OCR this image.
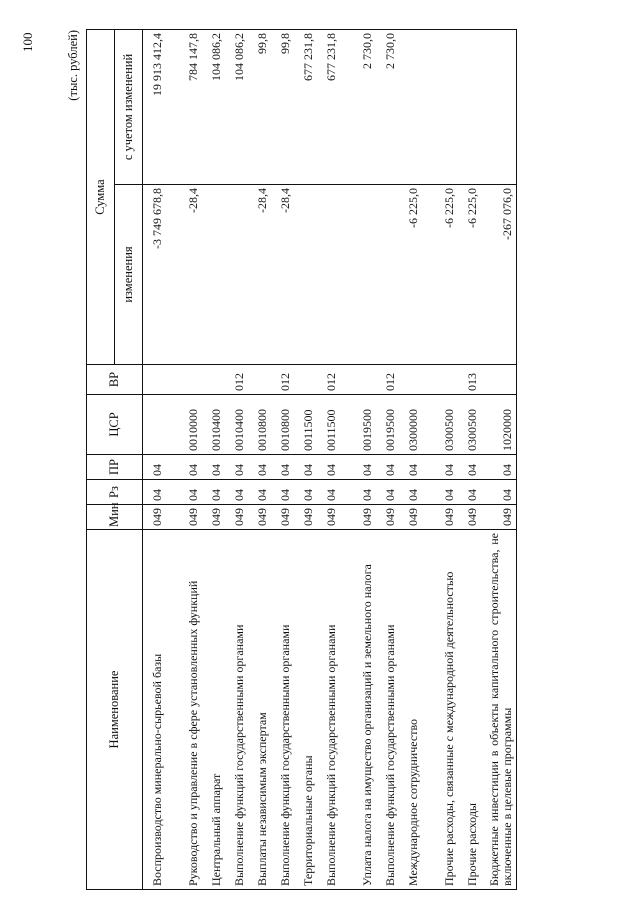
100 (тыс. рублей)
Наименование	Мин	Рз	ПР	ЦСР	ВР	Сумма	
						изменения	с учетом изменений
Воспроизводство минерально-сырьевой базы	049	04	04			-3 749 678,8	19 913 412,4
Руководство и управление в сфере установленных функций	049	04	04	0010000		-28,4	784 147,8
Центральный аппарат	049	04	04	0010400			104 086,2
Выполнение функций государственными органами	049	04	04	0010400	012		104 086,2
Выплаты независимым экспертам	049	04	04	0010800		-28,4	99,8
Выполнение функций государственными органами	049	04	04	0010800	012	-28,4	99,8
Территориальные органы	049	04	04	0011500			677 231,8
Выполнение функций государственными органами	049	04	04	0011500	012		677 231,8
Уплата налога на имущество организаций и земельного налога	049	04	04	0019500			2 730,0
Выполнение функций государственными органами	049	04	04	0019500	012		2 730,0
Международное сотрудничество	049	04	04	0300000		-6 225,0	
Прочие расходы, связанные с международной деятельностью	049	04	04	0300500		-6 225,0	
Прочие расходы	049	04	04	0300500	013	-6 225,0	
Бюджетные инвестиции в объекты капитального строительства, не включенные в целевые программы	049	04	04	1020000		-267 076,0	
